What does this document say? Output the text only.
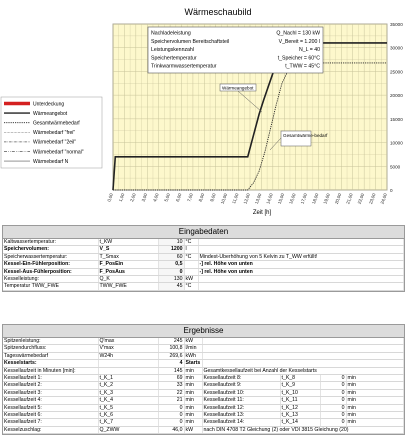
Wärmeschaubild
Unterdeckung
Wärmeangebot
Gesamtwärmebedarf
Wärmebedarf "frei"
Wärmebedarf "2eil"
Wärmebedarf "normal"
Wärmebedarf N
0
5000
10000
15000
20000
25000
30000
35000
0,00 1,00 2,00 3,00 4,00 5,00 6,00 7,00 8,00 9,00 10,00 11,00 12,00 13,00 14,00 15,00 16,00 17,00 18,00 19,00 20,00 21,00 22,00 23,00 24,00
Nachladeleistung	Q_Nachl = 130 kW
Speichervolumen Bereitschaftsteil	V_Bereit = 1.200 l
Leistungskennzahl	N_L = 40
Speichertemperatur	t_Speicher = 60°C
Trinkwarmwassertemperatur	t_TWW = 45°C
Wärmeangebot
Gesamtwärme-bedarf
Zeit [h]
Eingabedaten
Kaltwassertemperatur:	t_KW	10	°C	
Speichervolumen:	V_S	1200	l	
Speicherwassertemperatur:	T_Smax	60	°C	Mindest-Überhöhung von 5 Kelvin zu T_WW erfüllt!
Kessel-Ein-Fühlerposition:	F_PosEin	0,5		-] rel. Höhe von unten
Kessel-Aus-Fühlerposition:	F_PosAus	0		-] rel. Höhe von unten
Kesselleistung:	Q_K	130	kW	
Temperatur TWW_FWE	TWW_FWE	45	°C	
Ergebnisse
Spitzenleistung:	Q'max	245	kW				
Spitzendurchfluss:	V'max	100,8	l/min				
Tageswärmebedarf	W24h	269,6	kWh				
Kesselstarts:		4	Starts				
Kessellaufzeit in Minuten [min]:		145	min	Gesamtkessellaufzeit bei Anzahl der Kesselstarts			
Kessellaufzeit 1:	t_K_1	69	min	Kessellaufzeit 8:	t_K_8	0	min
Kessellaufzeit 2:	t_K_2	33	min	Kessellaufzeit 9:	t_K_9	0	min
Kessellaufzeit 3:	t_K_3	22	min	Kessellaufzeit 10:	t_K_10	0	min
Kessellaufzeit 4:	t_K_4	21	min	Kessellaufzeit 11:	t_K_11	0	min
Kessellaufzeit 5:	t_K_5	0	min	Kessellaufzeit 12:	t_K_12	0	min
Kessellaufzeit 6:	t_K_6	0	min	Kessellaufzeit 13:	t_K_13	0	min
Kessellaufzeit 7:	t_K_7	0	min	Kessellaufzeit 14:	t_K_14	0	min
Kesselzuschlag:	Q_ZWW	46,0	kW	nach DIN 4708 T2 Gleichung (2) oder VDI 3815 Gleichung (20)			
